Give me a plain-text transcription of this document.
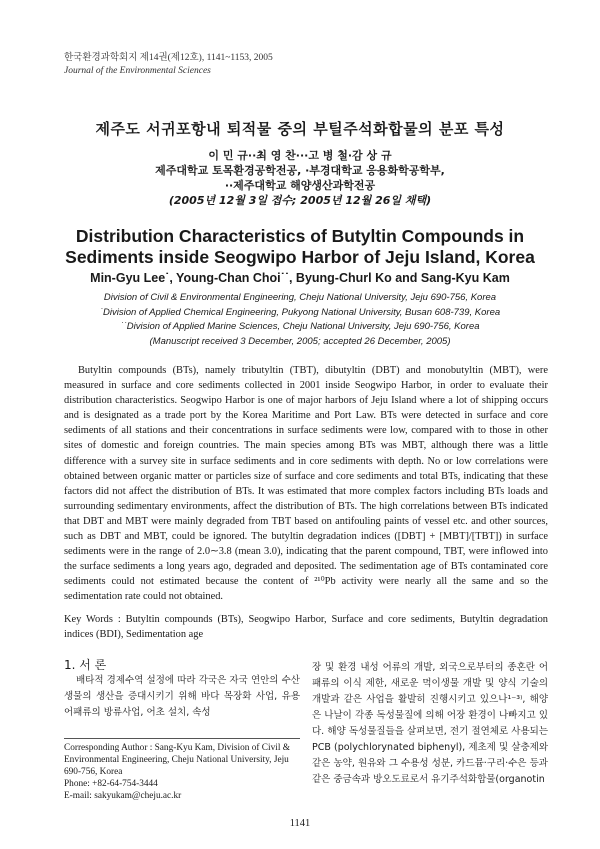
한국환경과학회지 제14권(제12호), 1141~1153, 2005
Journal of the Environmental Sciences
제주도 서귀포항내 퇴적물 중의 부틸주석화합물의 분포 특성
이 민 규··최 영 찬···고 병 철·감 상 규
제주대학교 토목환경공학전공, ·부경대학교 응용화학공학부,
··제주대학교 해양생산과학전공
(2005년 12월 3일 접수; 2005년 12월 26일 채택)
Distribution Characteristics of Butyltin Compounds in
Sediments inside Seogwipo Harbor of Jeju Island, Korea
Min-Gyu Lee˙, Young-Chan Choi˙˙, Byung-Churl Ko and Sang-Kyu Kam
Division of Civil & Environmental Engineering, Cheju National University, Jeju 690-756, Korea
˙Division of Applied Chemical Engineering, Pukyong National University, Busan 608-739, Korea
˙˙Division of Applied Marine Sciences, Cheju National University, Jeju 690-756, Korea
(Manuscript received 3 December, 2005; accepted 26 December, 2005)
Butyltin compounds (BTs), namely tributyltin (TBT), dibutyltin (DBT) and monobutyltin (MBT), were measured in surface and core sediments collected in 2001 inside Seogwipo Harbor, in order to evaluate their distribution characteristics. Seogwipo Harbor is one of major harbors of Jeju Island where a lot of shipping occurs and is designated as a trade port by the Korea Maritime and Port Law. BTs were detected in surface and core sediments of all stations and their concentrations in surface sediments were low, compared with to those in other sites of domestic and foreign countries. The main species among BTs was MBT, although there was a little difference with a survey site in surface sediments and in core sediments with depth. No or low correlations were obtained between organic matter or particles size of surface and core sediments and total BTs, indicating that these factors did not affect the distribution of BTs. It was estimated that more complex factors including BTs loads and surrounding sedimentary environments, affect the distribution of BTs. The high correlations between BTs indicated that DBT and MBT were mainly degraded from TBT based on antifouling paints of vessel etc. and other sources, such as DBT and MBT, could be ignored. The butyltin degradation indices ([DBT] + [MBT]/[TBT]) in surface sediments were in the range of 2.0∼3.8 (mean 3.0), indicating that the parent compound, TBT, were inflowed into the surface sediments a long years ago, degraded and deposited. The sedimentation age of BTs contaminated core sediments could not estimated because the content of ²¹⁰Pb activity were nearly all the same and so the sedimentation rate could not obtained.
Key Words : Butyltin compounds (BTs), Seogwipo Harbor, Surface and core sediments, Butyltin degradation indices (BDI), Sedimentation age
1. 서 론
배타적 경제수역 설정에 따라 각국은 자국 연안의 수산생물의 생산을 증대시키기 위해 바다 목장화 사업, 유용 어패류의 방류사업, 어초 설치, 속성
장 및 환경 내성 어류의 개발, 외국으로부터의 종혼란 어패류의 이식 제한, 새로운 먹이생물 개발 및 양식 기술의 개발과 같은 사업을 활발히 진행시키고 있으나¹⁻³⁾, 해양은 나날이 각종 독성물질에 의해 어장 환경이 나빠지고 있다. 해양 독성물질들을 살펴보면, 전기 절연체로 사용되는 PCB (polychlorynated biphenyl), 제초제 및 살충제와 같은 농약, 원유와 그 수용성 성분, 카드뮴·구리·수은 등과 같은 중금속과 방오도료로서 유기주석화합물(organotin
Corresponding Author : Sang-Kyu Kam, Division of Civil & Environmental Engineering, Cheju National University, Jeju 690-756, Korea
Phone: +82-64-754-3444
E-mail: sakyukam@cheju.ac.kr
1141
